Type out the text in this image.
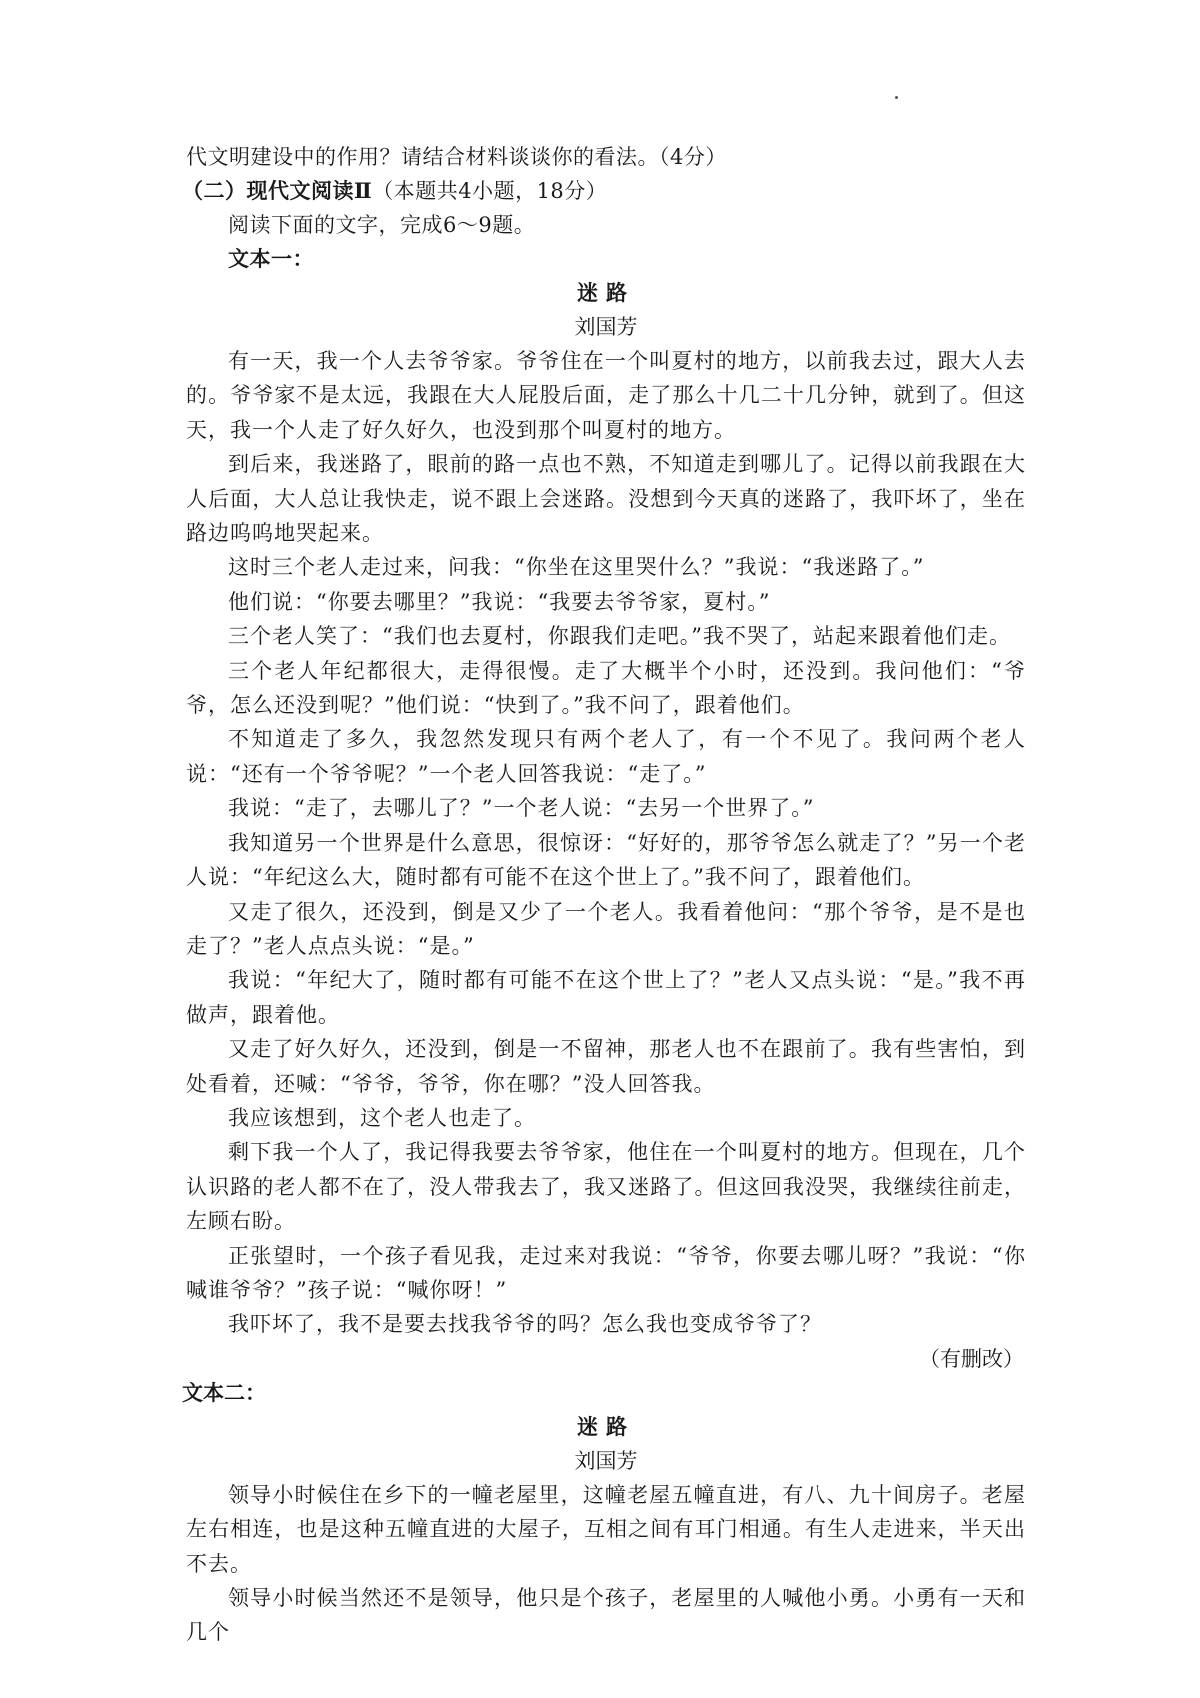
代文明建设中的作用？请结合材料谈谈你的看法。（4分）
（二）现代文阅读Ⅱ（本题共4小题，18分）
阅读下面的文字，完成6～9题。
文本一：
迷路
刘国芳

有一天，我一个人去爷爷家。爷爷住在一个叫夏村的地方，以前我去过，跟大人去的。爷爷家不是太远，我跟在大人屁股后面，走了那么十几二十几分钟，就到了。但这天，我一个人走了好久好久，也没到那个叫夏村的地方。

到后来，我迷路了，眼前的路一点也不熟，不知道走到哪儿了。记得以前我跟在大人后面，大人总让我快走，说不跟上会迷路。没想到今天真的迷路了，我吓坏了，坐在路边呜呜地哭起来。

这时三个老人走过来，问我：“你坐在这里哭什么？”我说：“我迷路了。”

他们说：“你要去哪里？”我说：“我要去爷爷家，夏村。”

三个老人笑了：“我们也去夏村，你跟我们走吧。”我不哭了，站起来跟着他们走。

三个老人年纪都很大，走得很慢。走了大概半个小时，还没到。我问他们：“爷爷，怎么还没到呢？”他们说：“快到了。”我不问了，跟着他们。

不知道走了多久，我忽然发现只有两个老人了，有一个不见了。我问两个老人说：“还有一个爷爷呢？”一个老人回答我说：“走了。”

我说：“走了，去哪儿了？”一个老人说：“去另一个世界了。”

我知道另一个世界是什么意思，很惊讶：“好好的，那爷爷怎么就走了？”另一个老人说：“年纪这么大，随时都有可能不在这个世上了。”我不问了，跟着他们。

又走了很久，还没到，倒是又少了一个老人。我看着他问：“那个爷爷，是不是也走了？”老人点点头说：“是。”

我说：“年纪大了，随时都有可能不在这个世上了？”老人又点头说：“是。”我不再做声，跟着他。

又走了好久好久，还没到，倒是一不留神，那老人也不在跟前了。我有些害怕，到处看着，还喊：“爷爷，爷爷，你在哪？”没人回答我。

我应该想到，这个老人也走了。

剩下我一个人了，我记得我要去爷爷家，他住在一个叫夏村的地方。但现在，几个认识路的老人都不在了，没人带我去了，我又迷路了。但这回我没哭，我继续往前走，左顾右盼。

正张望时，一个孩子看见我，走过来对我说：“爷爷，你要去哪儿呀？”我说：“你喊谁爷爷？”孩子说：“喊你呀！”

我吓坏了，我不是要去找我爷爷的吗？怎么我也变成爷爷了？

（有删改）
文本二：
迷路
刘国芳

领导小时候住在乡下的一幢老屋里，这幢老屋五幢直进，有八、九十间房子。老屋左右相连，也是这种五幢直进的大屋子，互相之间有耳门相通。有生人走进来，半天出不去。

领导小时候当然还不是领导，他只是个孩子，老屋里的人喊他小勇。小勇有一天和几个
